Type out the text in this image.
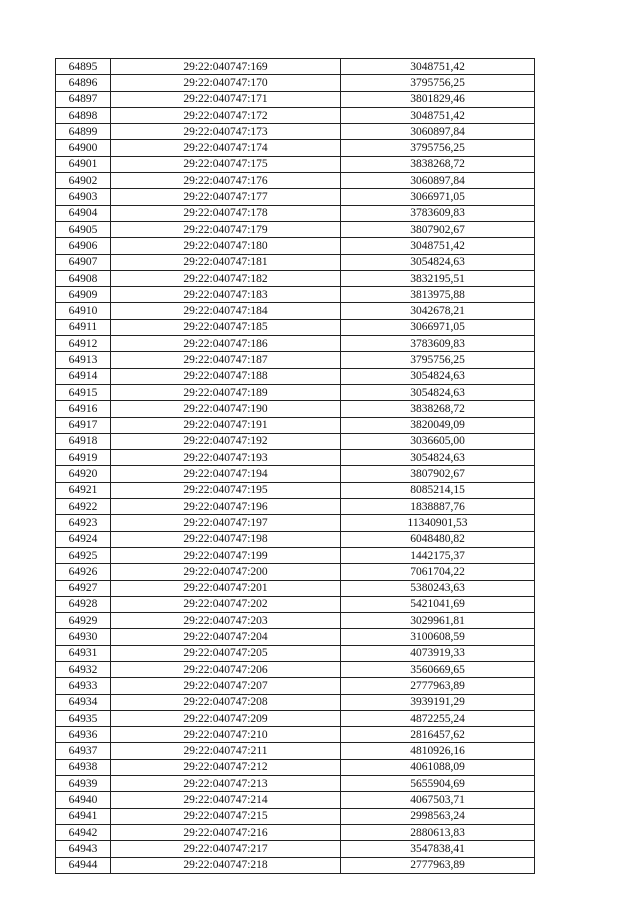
64895	29:22:040747:169	3048751,42
64896	29:22:040747:170	3795756,25
64897	29:22:040747:171	3801829,46
64898	29:22:040747:172	3048751,42
64899	29:22:040747:173	3060897,84
64900	29:22:040747:174	3795756,25
64901	29:22:040747:175	3838268,72
64902	29:22:040747:176	3060897,84
64903	29:22:040747:177	3066971,05
64904	29:22:040747:178	3783609,83
64905	29:22:040747:179	3807902,67
64906	29:22:040747:180	3048751,42
64907	29:22:040747:181	3054824,63
64908	29:22:040747:182	3832195,51
64909	29:22:040747:183	3813975,88
64910	29:22:040747:184	3042678,21
64911	29:22:040747:185	3066971,05
64912	29:22:040747:186	3783609,83
64913	29:22:040747:187	3795756,25
64914	29:22:040747:188	3054824,63
64915	29:22:040747:189	3054824,63
64916	29:22:040747:190	3838268,72
64917	29:22:040747:191	3820049,09
64918	29:22:040747:192	3036605,00
64919	29:22:040747:193	3054824,63
64920	29:22:040747:194	3807902,67
64921	29:22:040747:195	8085214,15
64922	29:22:040747:196	1838887,76
64923	29:22:040747:197	11340901,53
64924	29:22:040747:198	6048480,82
64925	29:22:040747:199	1442175,37
64926	29:22:040747:200	7061704,22
64927	29:22:040747:201	5380243,63
64928	29:22:040747:202	5421041,69
64929	29:22:040747:203	3029961,81
64930	29:22:040747:204	3100608,59
64931	29:22:040747:205	4073919,33
64932	29:22:040747:206	3560669,65
64933	29:22:040747:207	2777963,89
64934	29:22:040747:208	3939191,29
64935	29:22:040747:209	4872255,24
64936	29:22:040747:210	2816457,62
64937	29:22:040747:211	4810926,16
64938	29:22:040747:212	4061088,09
64939	29:22:040747:213	5655904,69
64940	29:22:040747:214	4067503,71
64941	29:22:040747:215	2998563,24
64942	29:22:040747:216	2880613,83
64943	29:22:040747:217	3547838,41
64944	29:22:040747:218	2777963,89
